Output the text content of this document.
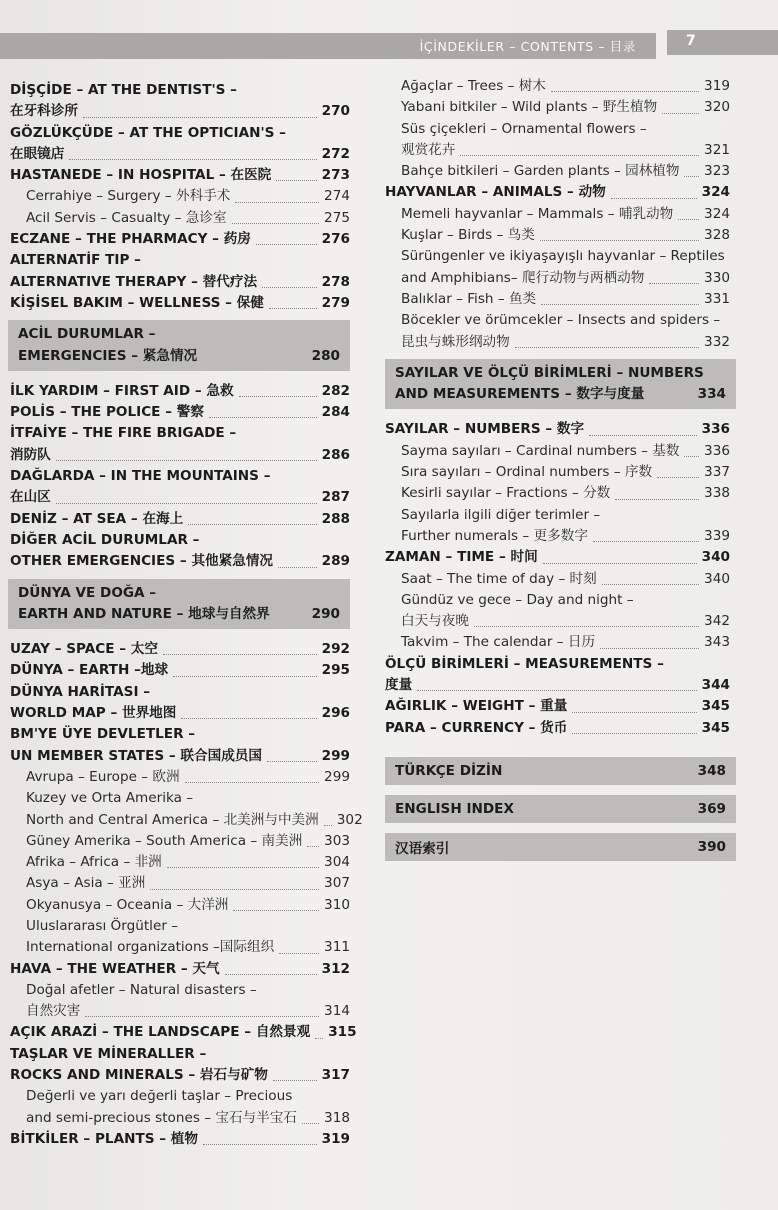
İÇİNDEKİLER – CONTENTS – 目录	7
DİŞÇİDE – AT THE DENTIST'S –
在牙科诊所	270
GÖZLÜKÇÜDE – AT THE OPTICIAN'S –
在眼镜店	272
HASTANEDE – IN HOSPITAL – 在医院	273
Cerrahiye – Surgery – 外科手术	274
Acil Servis – Casualty – 急诊室	275
ECZANE – THE PHARMACY – 药房	276
ALTERNATİF TIP –
ALTERNATIVE THERAPY – 替代疗法	278
KİŞİSEL BAKIM – WELLNESS – 保健	279
ACİL DURUMLAR –
EMERGENCIES – 紧急情况	280
İLK YARDIM – FIRST AID – 急救	282
POLİS – THE POLICE – 警察	284
İTFAİYE – THE FIRE BRIGADE –
消防队	286
DAĞLARDA – IN THE MOUNTAINS –
在山区	287
DENİZ – AT SEA – 在海上	288
DİĞER ACİL DURUMLAR –
OTHER EMERGENCIES – 其他紧急情况	289
DÜNYA VE DOĞA –
EARTH AND NATURE – 地球与自然界	290
UZAY – SPACE – 太空	292
DÜNYA – EARTH –地球	295
DÜNYA HARİTASI –
WORLD MAP – 世界地图	296
BM'YE ÜYE DEVLETLER –
UN MEMBER STATES – 联合国成员国	299
Avrupa – Europe – 欧洲	299
Kuzey ve Orta Amerika –
North and Central America – 北美洲与中美洲 302
Güney Amerika – South America – 南美洲 303
Afrika – Africa – 非洲	304
Asya – Asia – 亚洲	307
Okyanusya – Oceania – 大洋洲	310
Uluslararası Örgütler –
International organizations –国际组织	311
HAVA – THE WEATHER – 天气	312
Doğal afetler – Natural disasters –
自然灾害	314
AÇIK ARAZİ – THE LANDSCAPE – 自然景观 315
TAŞLAR VE MİNERALLER –
ROCKS AND MINERALS – 岩石与矿物	317
Değerli ve yarı değerli taşlar – Precious
and semi-precious stones – 宝石与半宝石 318
BİTKİLER – PLANTS – 植物	319
Ağaçlar – Trees – 树木	319
Yabani bitkiler – Wild plants – 野生植物	320
Süs çiçekleri – Ornamental flowers –
观赏花卉	321
Bahçe bitkileri – Garden plants – 园林植物 323
HAYVANLAR – ANIMALS – 动物	324
Memeli hayvanlar – Mammals – 哺乳动物 324
Kuşlar – Birds – 鸟类	328
Sürüngenler ve ikiyaşayışlı hayvanlar – Reptiles
and Amphibians– 爬行动物与两栖动物	330
Balıklar – Fish – 鱼类	331
Böcekler ve örümcekler – Insects and spiders –
昆虫与蛛形纲动物	332
SAYILAR VE ÖLÇÜ BİRİMLERİ – NUMBERS
AND MEASUREMENTS – 数字与度量	334
SAYILAR – NUMBERS – 数字	336
Sayma sayıları – Cardinal numbers – 基数 336
Sıra sayıları – Ordinal numbers – 序数	337
Kesirli sayılar – Fractions – 分数	338
Sayılarla ilgili diğer terimler –
Further numerals – 更多数字	339
ZAMAN – TIME – 时间	340
Saat – The time of day – 时刻	340
Gündüz ve gece – Day and night –
白天与夜晚	342
Takvim – The calendar – 日历	343
ÖLÇÜ BİRİMLERİ – MEASUREMENTS –
度量	344
AĞIRLIK – WEIGHT – 重量	345
PARA – CURRENCY – 货币	345
TÜRKÇE DİZİN	348
ENGLISH INDEX	369
汉语索引	390
